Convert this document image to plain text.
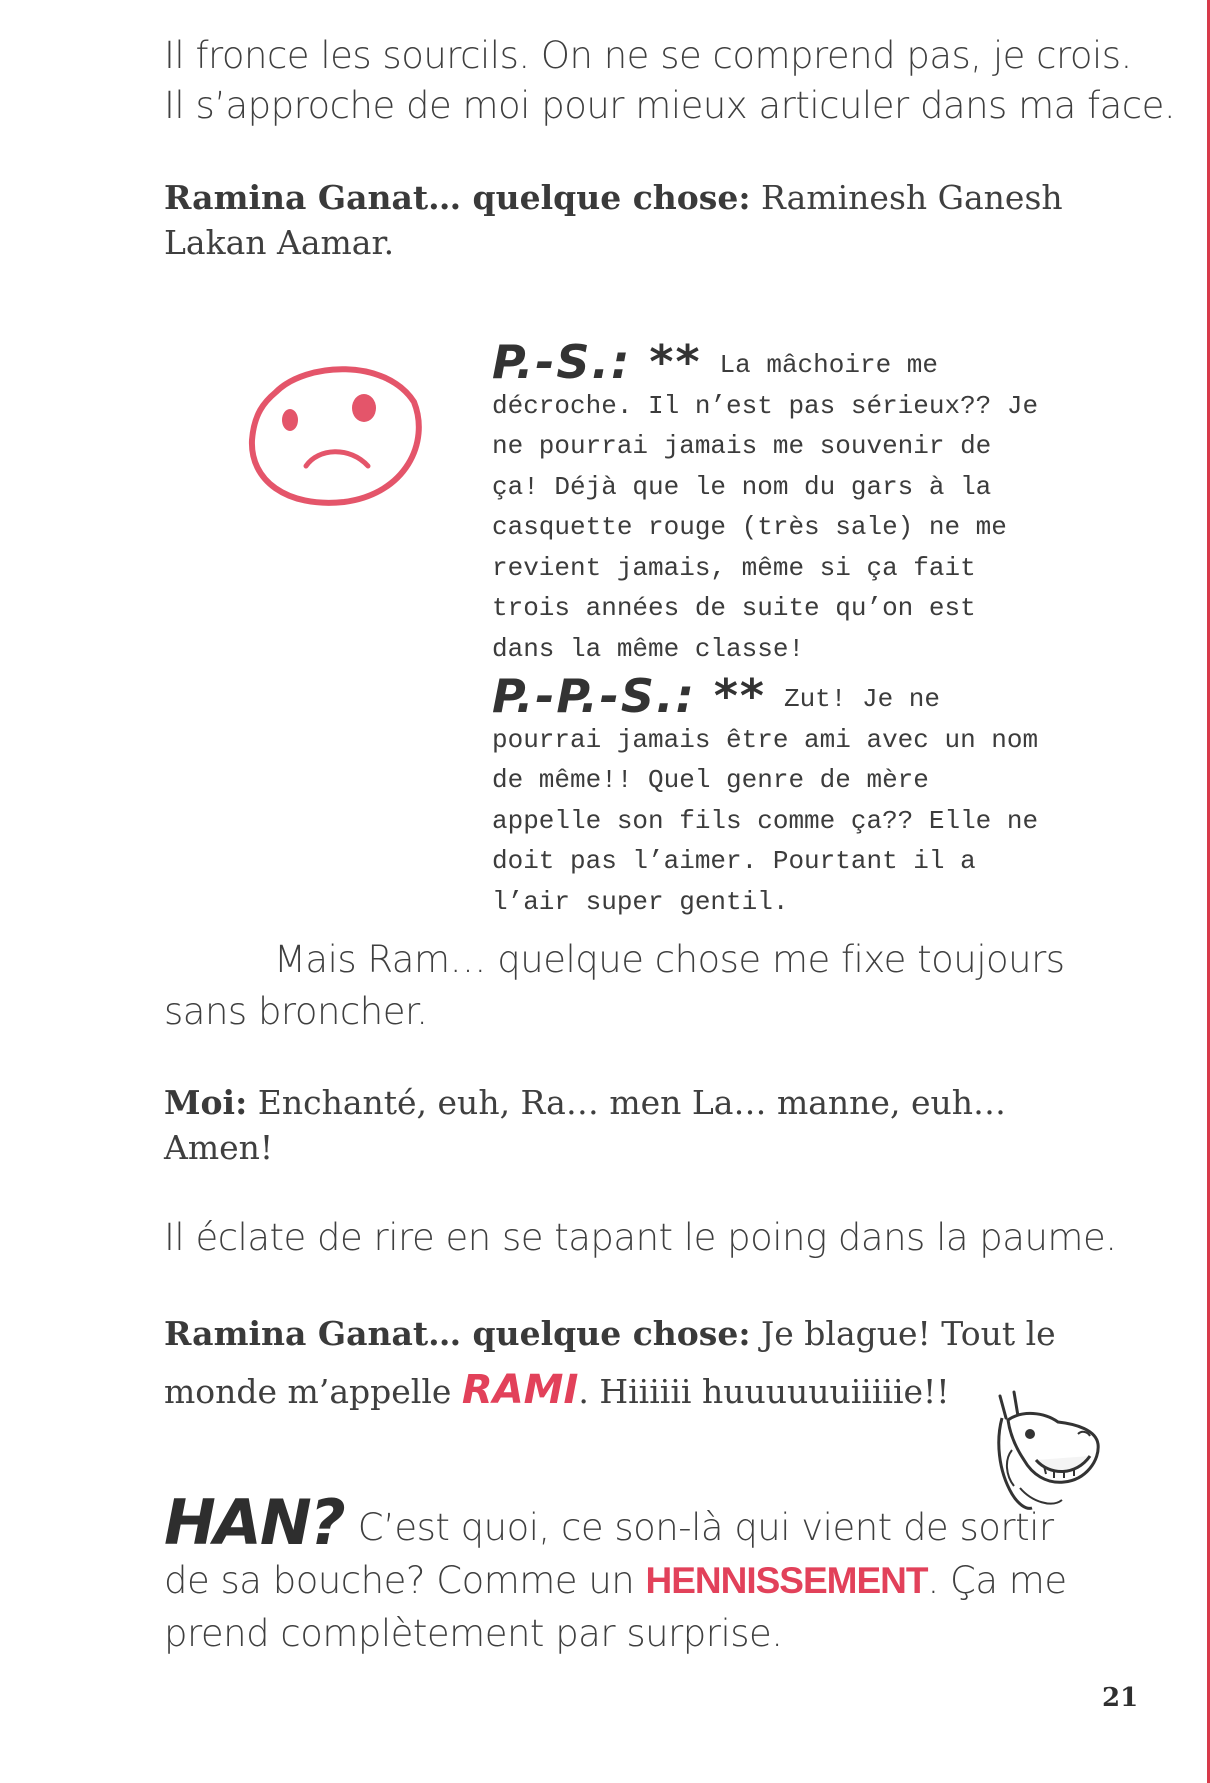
Il fronce les sourcils. On ne se comprend pas, je crois.

Il s’approche de moi pour mieux articuler dans ma face.

Ramina Ganat… quelque chose: Raminesh Ganesh Lakan Aamar.

P.-S.: ** La mâchoire me décroche. Il n’est pas sérieux?? Je ne pourrai jamais me souvenir de ça! Déjà que le nom du gars à la casquette rouge (très sale) ne me revient jamais, même si ça fait trois années de suite qu’on est dans la même classe!

P.-P.-S.: ** Zut! Je ne pourrai jamais être ami avec un nom de même!! Quel genre de mère appelle son fils comme ça?? Elle ne doit pas l’aimer. Pourtant il a l’air super gentil.

Mais Ram… quelque chose me fixe toujours sans broncher.

Moi: Enchanté, euh, Ra… men La… manne, euh… Amen!

Il éclate de rire en se tapant le poing dans la paume.

Ramina Ganat… quelque chose: Je blague! Tout le monde m’appelle RAMI. Hiiiiii huuuuuuiiiiie!!

HAN? C’est quoi, ce son-là qui vient de sortir de sa bouche? Comme un HENNISSEMENT. Ça me prend complètement par surprise.

21
